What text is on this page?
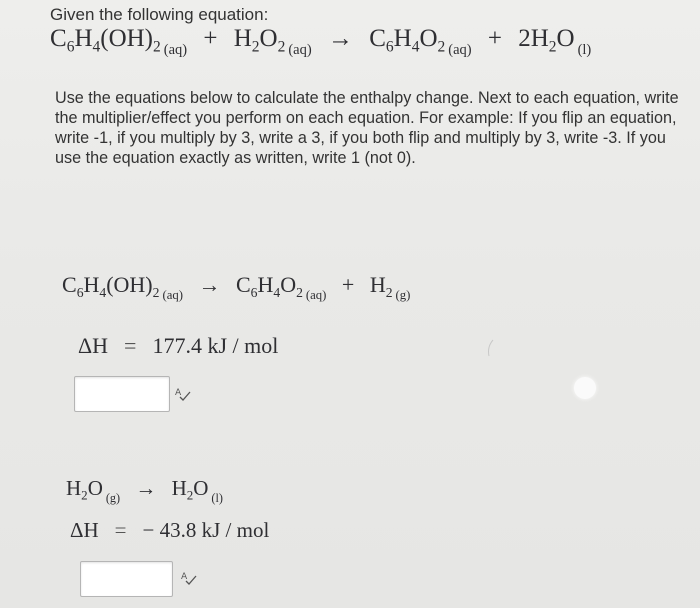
Given the following equation:
$C_6H_4(OH)_2$ $_{(aq)} + H_2O_2$ $_{(aq)} \to C_6H_4O_2$ $_{(aq)} + 2H_2O$ $_{(l)}$
Use the equations below to calculate the enthalpy change. Next to each equation, write the multiplier/effect you perform on each equation. For example: If you flip an equation, write -1, if you multiply by 3, write a 3, if you both flip and multiply by 3, write -3. If you use the equation exactly as written, write 1 (not 0).
$C_6H_4(OH)_2$ $_{(aq)} \to C_6H_4O_2$ $_{(aq)} + H_2$ $_{(g)}$
ΔH = 177.4 kJ / mol
A
$H_2O$ $_{(g)} \to H_2O$ $_{(l)}$
ΔH = − 43.8 kJ / mol
A
